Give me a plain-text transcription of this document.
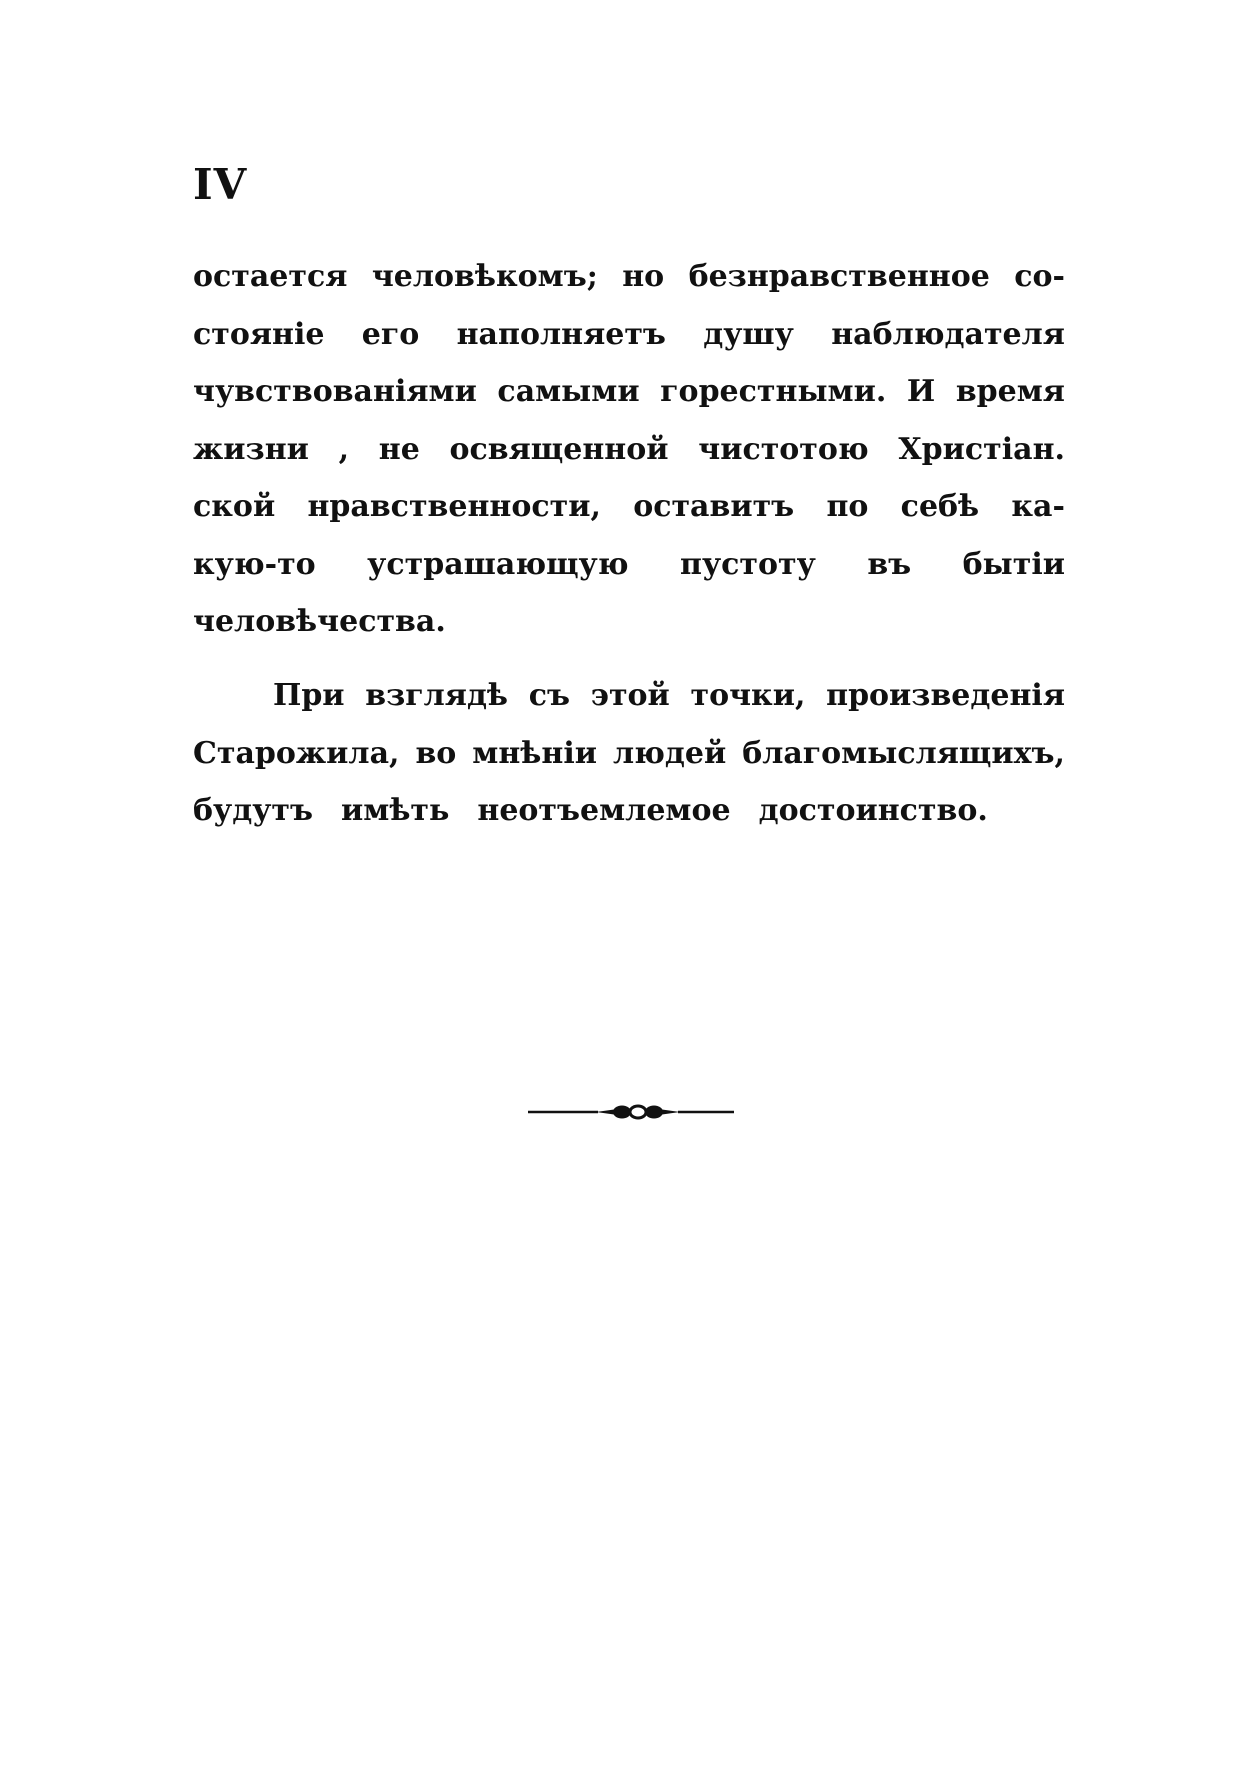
IV
остается человѣкомъ; но безнравственное со-
стояніе его наполняетъ душу наблюдателя
чувствованіями самыми горестными. И время
жизни , не освященной чистотою Христіан.
ской нравственности, оставитъ по себѣ ка-
кую-то устрашающую пустоту въ бытіи
человѣчества.
При взглядѣ съ этой точки, произведенія
Старожила, во мнѣніи людей благомыслящихъ,
будутъ имѣть неотъемлемое достоинство.
